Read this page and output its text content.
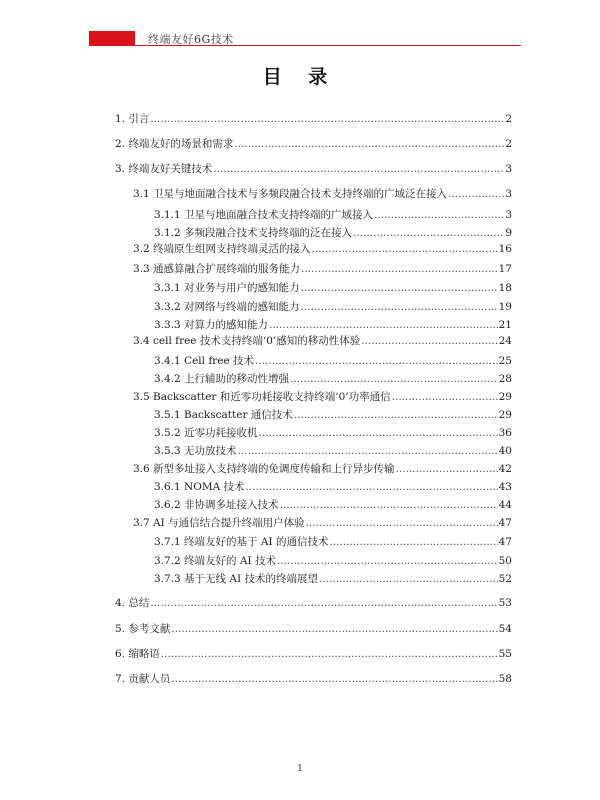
终端友好6G技术
目 录
1. 引言 .....	2
2. 终端友好的场景和需求 .....	2
3. 终端友好关键技术 .....	3
3.1 卫星与地面融合技术与多频段融合技术支持终端的广域泛在接入 .....	3
3.1.1 卫星与地面融合技术支持终端的广域接入 .....	3
3.1.2 多频段融合技术支持终端的泛在接入 .....	9
3.2 终端原生组网支持终端灵活的接入 .....	16
3.3 通感算融合扩展终端的服务能力 .....	17
3.3.1 对业务与用户的感知能力 .....	18
3.3.2 对网络与终端的感知能力 .....	19
3.3.3 对算力的感知能力 .....	21
3.4 cell free 技术支持终端‘0’感知的移动性体验 .....	24
3.4.1 Cell free 技术 .....	25
3.4.2 上行辅助的移动性增强 .....	28
3.5 Backscatter 和近零功耗接收支持终端‘0’功率通信 .....	29
3.5.1 Backscatter 通信技术 .....	29
3.5.2 近零功耗接收机 .....	36
3.5.3 无功放技术 .....	40
3.6 新型多址接入支持终端的免调度传输和上行异步传输 .....	42
3.6.1 NOMA 技术 .....	43
3.6.2 非协调多址接入技术 .....	44
3.7 AI 与通信结合提升终端用户体验 .....	47
3.7.1 终端友好的基于 AI 的通信技术 .....	47
3.7.2 终端友好的 AI 技术 .....	50
3.7.3 基于无线 AI 技术的终端展望 .....	52
4. 总结 .....	53
5. 参考文献 .....	54
6. 缩略语 .....	55
7. 贡献人员 .....	58
1
